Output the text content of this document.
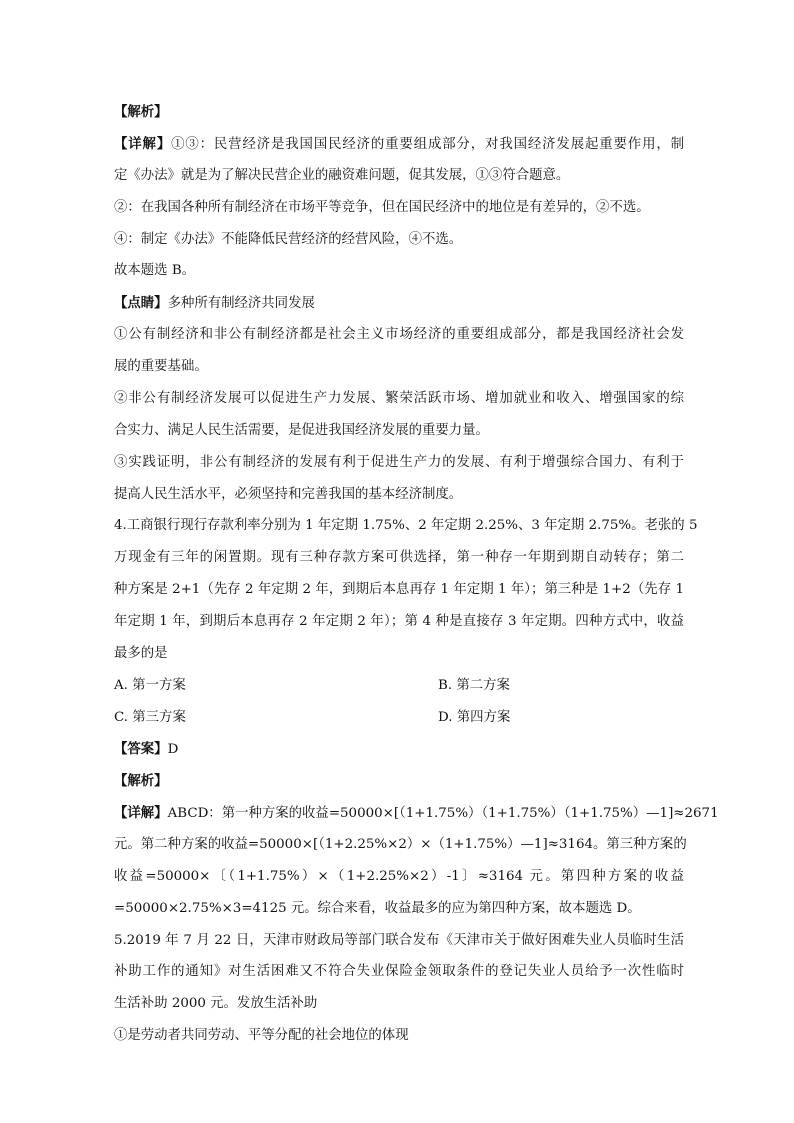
【解析】
【详解】①③：民营经济是我国国民经济的重要组成部分，对我国经济发展起重要作用，制
定《办法》就是为了解决民营企业的融资难问题，促其发展，①③符合题意。
②：在我国各种所有制经济在市场平等竞争，但在国民经济中的地位是有差异的，②不选。
④：制定《办法》不能降低民营经济的经营风险，④不选。
故本题选 B。
【点睛】多种所有制经济共同发展
①公有制经济和非公有制经济都是社会主义市场经济的重要组成部分，都是我国经济社会发
展的重要基础。
②非公有制经济发展可以促进生产力发展、繁荣活跃市场、增加就业和收入、增强国家的综
合实力、满足人民生活需要，是促进我国经济发展的重要力量。
③实践证明，非公有制经济的发展有利于促进生产力的发展、有利于增强综合国力、有利于
提高人民生活水平，必须坚持和完善我国的基本经济制度。
4.工商银行现行存款利率分别为 1 年定期 1.75%、2 年定期 2.25%、3 年定期 2.75%。老张的 5
万现金有三年的闲置期。现有三种存款方案可供选择，第一种存一年期到期自动转存；第二
种方案是 2+1（先存 2 年定期 2 年，到期后本息再存 1 年定期 1 年）；第三种是 1+2（先存 1
年定期 1 年，到期后本息再存 2 年定期 2 年）；第 4 种是直接存 3 年定期。四种方式中，收益
最多的是
A. 第一方案	B. 第二方案
C. 第三方案	D. 第四方案
【答案】D
【解析】
【详解】ABCD：第一种方案的收益=50000×[（1+1.75%）（1+1.75%）（1+1.75%）—1]≈2671
元。第二种方案的收益=50000×[（1+2.25%×2）×（1+1.75%）—1]≈3164。第三种方案的
收益=50000×〔（1+1.75%）×（1+2.25%×2）-1〕≈3164 元。第四种方案的收益
=50000×2.75%×3=4125 元。综合来看，收益最多的应为第四种方案，故本题选 D。
5.2019 年 7 月 22 日，天津市财政局等部门联合发布《天津市关于做好困难失业人员临时生活
补助工作的通知》对生活困难又不符合失业保险金领取条件的登记失业人员给予一次性临时
生活补助 2000 元。发放生活补助
①是劳动者共同劳动、平等分配的社会地位的体现
